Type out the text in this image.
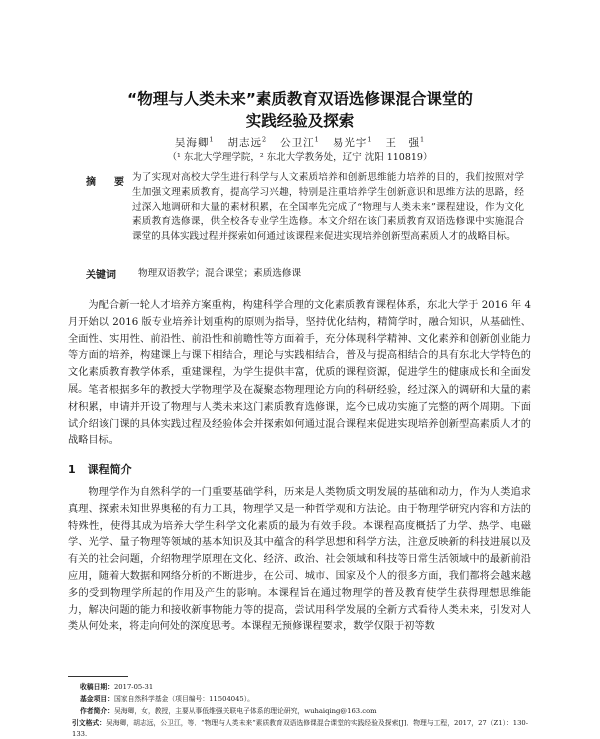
“物理与人类未来”素质教育双语选修课混合课堂的
实践经验及探索
吴海卿$^1$ 胡志远$^2$ 公卫江$^1$ 易光宇$^1$ 王　强$^1$
（¹ 东北大学理学院，² 东北大学教务处，辽宁 沈阳 110819）
摘　要 为了实现对高校大学生进行科学与人文素质培养和创新思维能力培养的目的，我们按照对学生加强文理素质教育，提高学习兴趣，特别是注重培养学生创新意识和思维方法的思路，经过深入地调研和大量的素材积累，在全国率先完成了“物理与人类未来”课程建设，作为文化素质教育选修课，供全校各专业学生选修。本文介绍在该门素质教育双语选修课中实施混合课堂的具体实践过程并探索如何通过该课程来促进实现培养创新型高素质人才的战略目标。
关键词 物理双语教学；混合课堂；素质选修课
为配合新一轮人才培养方案重构，构建科学合理的文化素质教育课程体系，东北大学于 2016 年 4 月开始以 2016 版专业培养计划重构的原则为指导，坚持优化结构，精简学时，融合知识，从基础性、全面性、实用性、前沿性、前沿性和前瞻性等方面着手，充分体现科学精神、文化素养和创新创业能力等方面的培养，构建课上与课下相结合，理论与实践相结合，普及与提高相结合的具有东北大学特色的文化素质教育教学体系，重建课程，为学生提供丰富，优质的课程资源，促进学生的健康成长和全面发展。 笔者根据多年的教授大学物理学及在凝聚态物理理论方向的科研经验，经过深入的调研和大量的素材积累，申请并开设了物理与人类未来这门素质教育选修课，迄今已成功实施了完整的两个周期。下面试介绍该门课的具体实践过程及经验体会并探索如何通过混合课程来促进实现培养创新型高素质人才的战略目标。
1 课程简介
物理学作为自然科学的一门重要基础学科，历来是人类物质文明发展的基础和动力，作为人类追求真理、探索未知世界奥秘的有力工具，物理学又是一种哲学观和方法论。由于物理学研究内容和方法的特殊性，使得其成为培养大学生科学文化素质的最为有效手段。本课程高度概括了力学、热学、电磁学、光学、量子物理等领域的基本知识及其中蕴含的科学思想和科学方法，注意反映新的科技进展以及有关的社会问题，介绍物理学原理在文化、经济、政治、社会领域和科技等日常生活领域中的最新前沿应用，随着大数据和网络分析的不断进步，在公司、城市、国家及个人的很多方面，我们都将会越来越多的受到物理学所起的作用及产生的影响。本课程旨在通过物理学的普及教育使学生获得理想思维能力，解决问题的能力和接收新事物能力等的提高，尝试用科学发展的全新方式看待人类未来，引发对人类从何处来，将走向何处的深度思考。本课程无预修课程要求，数学仅限于初等数
收稿日期：2017-05-31
基金项目：国家自然科学基金（项目编号：11504045）。
作者简介：吴海卿，女，教授，主要从事低维强关联电子体系的理论研究，wuhaiqing@163.com
引文格式：吴海卿，胡志远，公卫江，等．“物理与人类未来”素质教育双语选修课混合课堂的实践经验及探索[J]．物理与工程，2017，27（Z1）：130-133.
